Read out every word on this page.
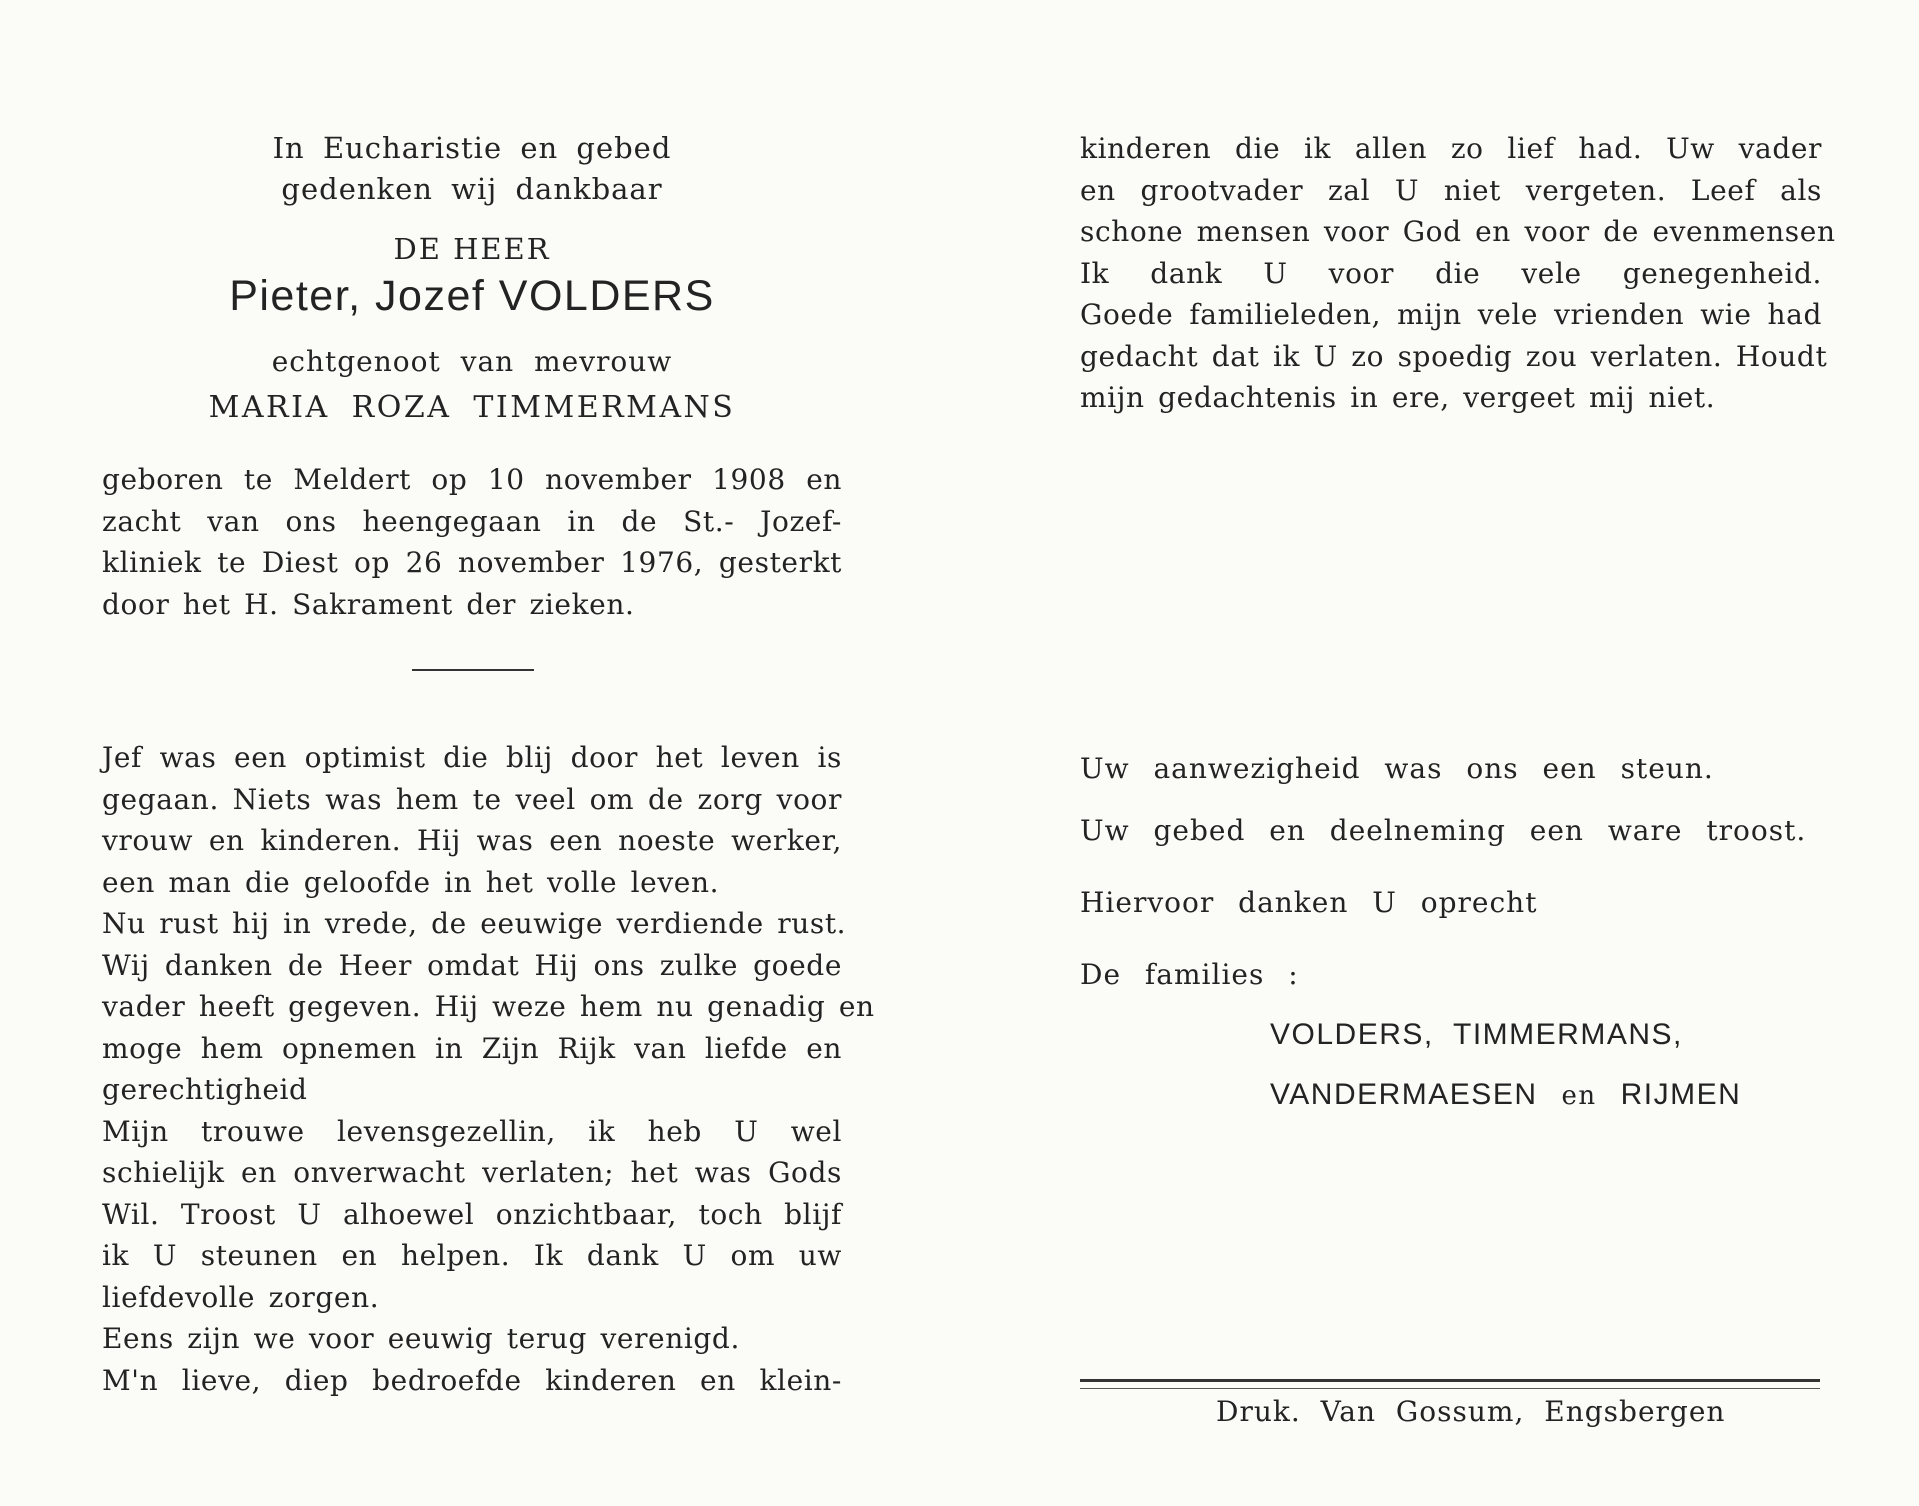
In Eucharistie en gebed
gedenken wij dankbaar
DE HEER
Pieter, Jozef VOLDERS
echtgenoot van mevrouw
MARIA ROZA TIMMERMANS
geboren te Meldert op 10 november 1908 en
zacht van ons heengegaan in de St.- Jozef-
kliniek te Diest op 26 november 1976, gesterkt
door het H. Sakrament der zieken.
Jef was een optimist die blij door het leven is
gegaan. Niets was hem te veel om de zorg voor
vrouw en kinderen. Hij was een noeste werker,
een man die geloofde in het volle leven.
Nu rust hij in vrede, de eeuwige verdiende rust.
Wij danken de Heer omdat Hij ons zulke goede
vader heeft gegeven. Hij weze hem nu genadig en
moge hem opnemen in Zijn Rijk van liefde en
gerechtigheid
Mijn trouwe levensgezellin, ik heb U wel
schielijk en onverwacht verlaten; het was Gods
Wil. Troost U alhoewel onzichtbaar, toch blijf
ik U steunen en helpen. Ik dank U om uw
liefdevolle zorgen.
Eens zijn we voor eeuwig terug verenigd.
M'n lieve, diep bedroefde kinderen en klein-
kinderen die ik allen zo lief had. Uw vader
en grootvader zal U niet vergeten. Leef als
schone mensen voor God en voor de evenmensen
Ik dank U voor die vele genegenheid.
Goede familieleden, mijn vele vrienden wie had
gedacht dat ik U zo spoedig zou verlaten. Houdt
mijn gedachtenis in ere, vergeet mij niet.
Uw aanwezigheid was ons een steun.
Uw gebed en deelneming een ware troost.
Hiervoor danken U oprecht
De families :
VOLDERS, TIMMERMANS,
VANDERMAESEN en RIJMEN
Druk. Van Gossum, Engsbergen
